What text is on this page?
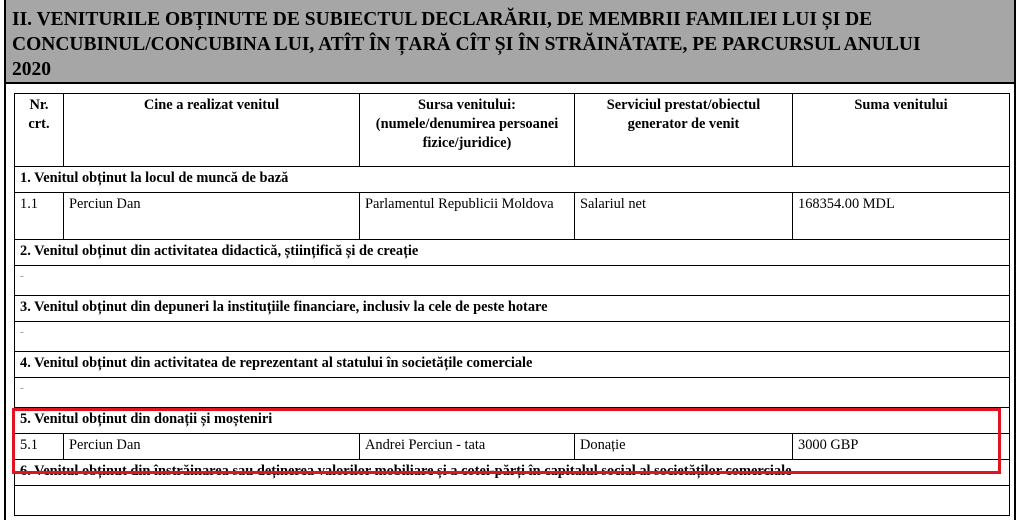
II. VENITURILE OBȚINUTE DE SUBIECTUL DECLARĂRII, DE MEMBRII FAMILIEI LUI ȘI DE
CONCUBINUL/CONCUBINA LUI, ATÎT ÎN ȚARĂ CÎT ȘI ÎN STRĂINĂTATE, PE PARCURSUL ANULUI
2020
Nr. crt.	Cine a realizat venitul	Sursa venitului: (numele/denumirea persoanei fizice/juridice)	Serviciul prestat/obiectul generator de venit	Suma venitului
1. Venitul obținut la locul de muncă de bază				
1.1	Perciun Dan	Parlamentul Republicii Moldova	Salariul net	168354.00 MDL
2. Venitul obținut din activitatea didactică, științifică și de creație				
-				
3. Venitul obținut din depuneri la instituțiile financiare, inclusiv la cele de peste hotare				
-				
4. Venitul obținut din activitatea de reprezentant al statului în societățile comerciale				
-				
5. Venitul obținut din donații și moșteniri				
5.1	Perciun Dan	Andrei Perciun - tata	Donație	3000 GBP
6. Venitul obținut din înstrăinarea sau deținerea valorilor mobiliare și a cotei-părți în capitalul social al societăților comerciale				
